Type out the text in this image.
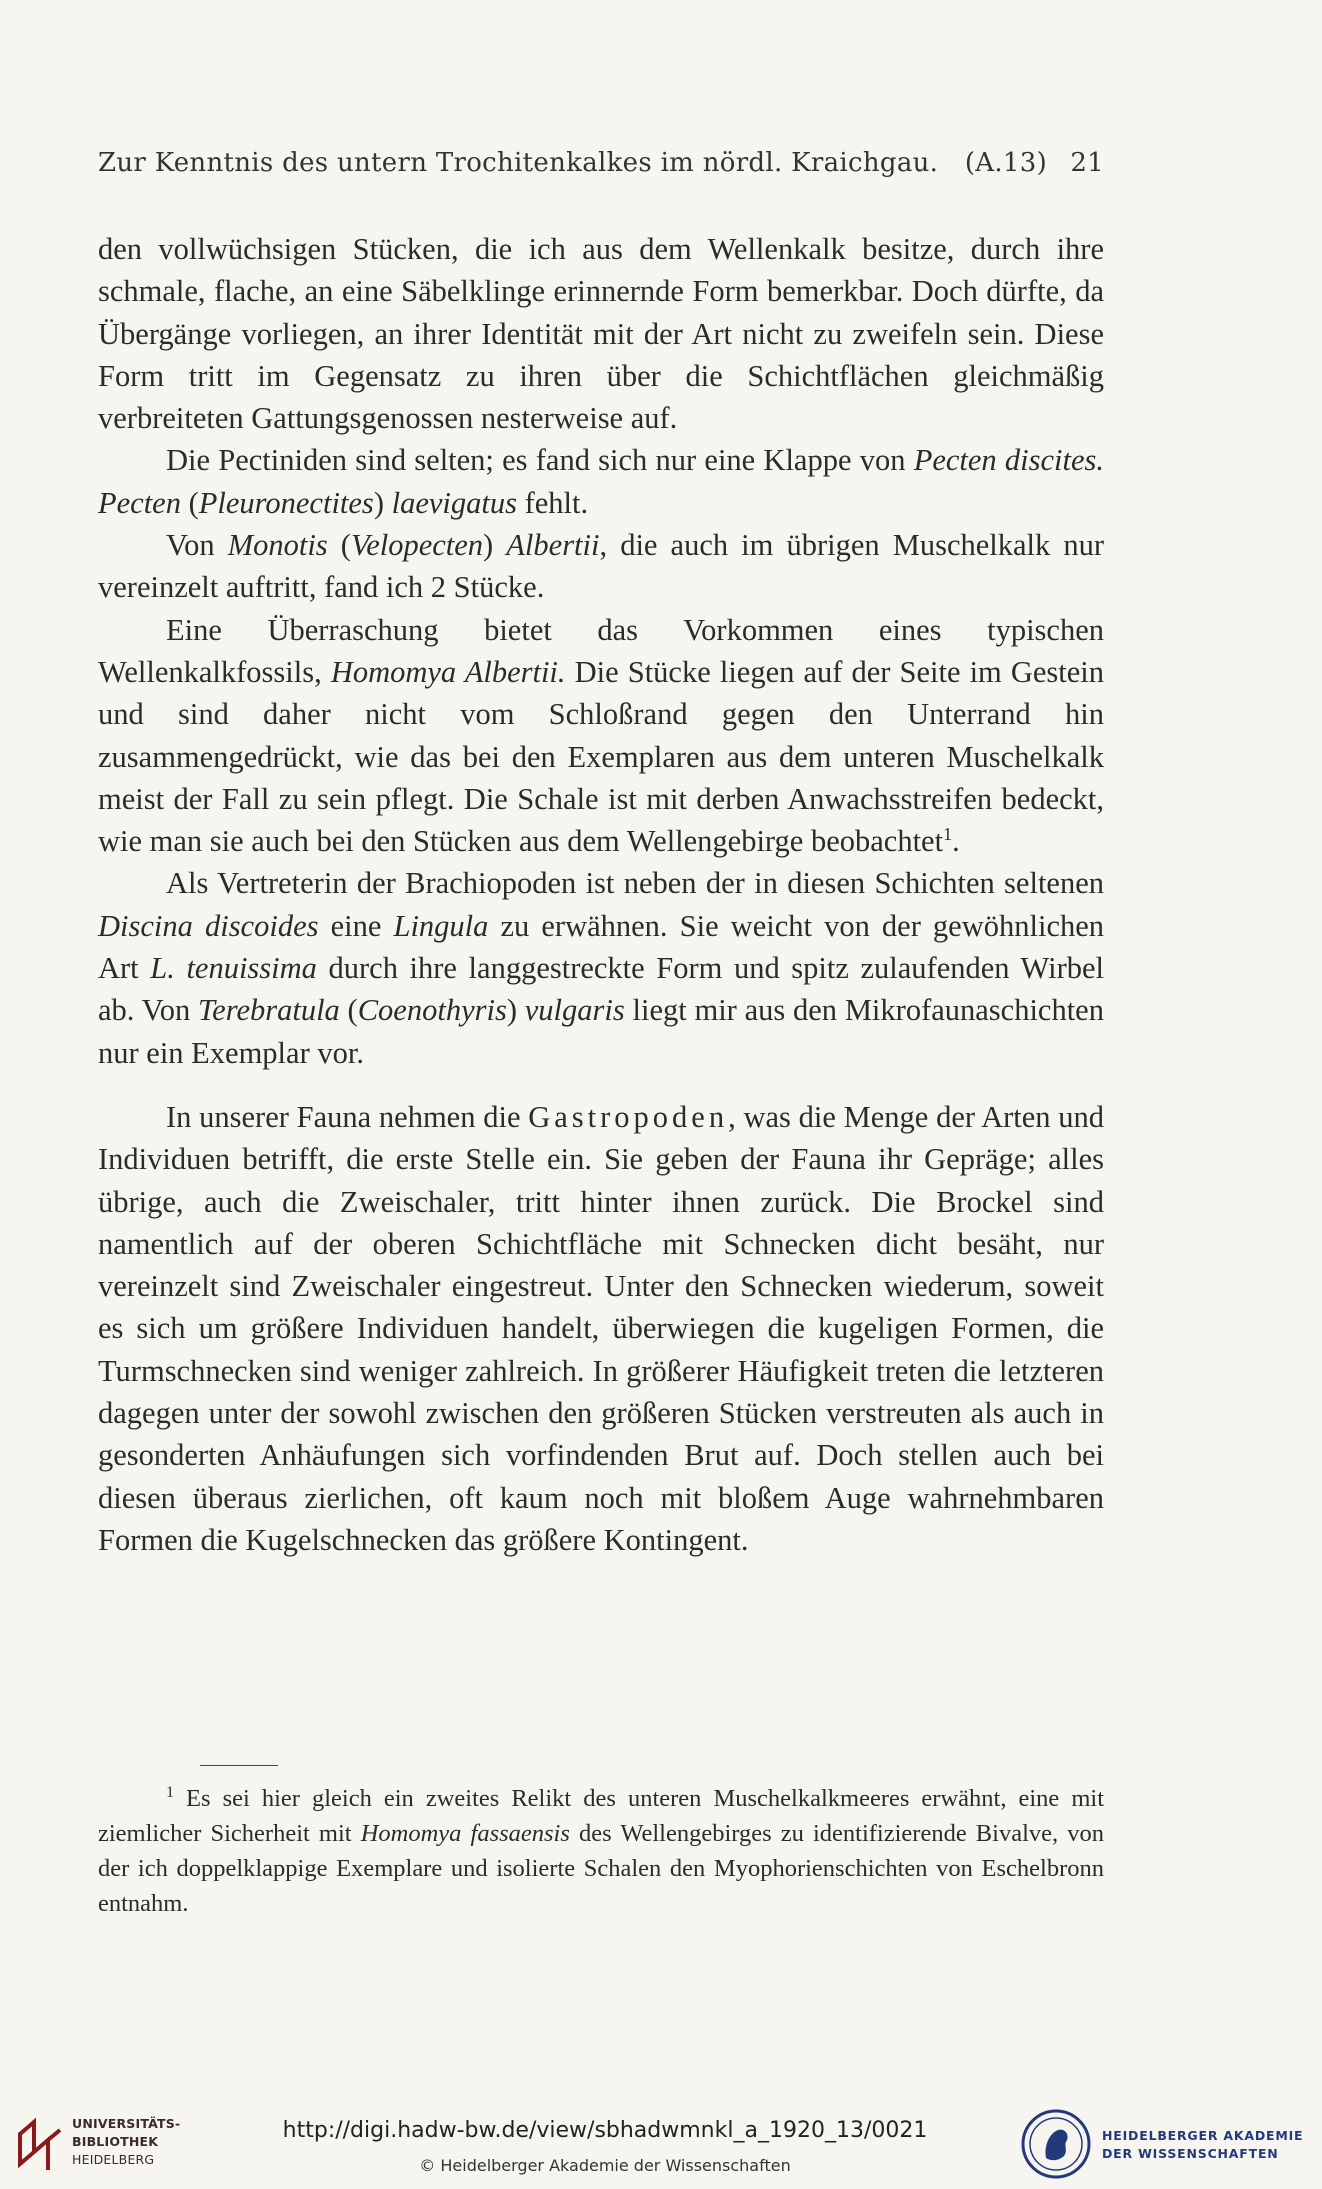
Zur Kenntnis des untern Trochitenkalkes im nördl. Kraichgau. (A.13) 21

den vollwüchsigen Stücken, die ich aus dem Wellenkalk besitze, durch ihre schmale, flache, an eine Säbelklinge erinnernde Form bemerkbar. Doch dürfte, da Übergänge vorliegen, an ihrer Identität mit der Art nicht zu zweifeln sein. Diese Form tritt im Gegensatz zu ihren über die Schichtflächen gleichmäßig verbreiteten Gattungsgenossen nesterweise auf.

Die Pectiniden sind selten; es fand sich nur eine Klappe von Pecten discites. Pecten (Pleuronectites) laevigatus fehlt.

Von Monotis (Velopecten) Albertii, die auch im übrigen Muschelkalk nur vereinzelt auftritt, fand ich 2 Stücke.

Eine Überraschung bietet das Vorkommen eines typischen Wellenkalkfossils, Homomya Albertii. Die Stücke liegen auf der Seite im Gestein und sind daher nicht vom Schloßrand gegen den Unterrand hin zusammengedrückt, wie das bei den Exemplaren aus dem unteren Muschelkalk meist der Fall zu sein pflegt. Die Schale ist mit derben Anwachsstreifen bedeckt, wie man sie auch bei den Stücken aus dem Wellengebirge beobachtet$^1$.

Als Vertreterin der Brachiopoden ist neben der in diesen Schichten seltenen Discina discoides eine Lingula zu erwähnen. Sie weicht von der gewöhnlichen Art L. tenuissima durch ihre langgestreckte Form und spitz zulaufenden Wirbel ab. Von Terebratula (Coenothyris) vulgaris liegt mir aus den Mikrofaunaschichten nur ein Exemplar vor.

In unserer Fauna nehmen die Gastropoden, was die Menge der Arten und Individuen betrifft, die erste Stelle ein. Sie geben der Fauna ihr Gepräge; alles übrige, auch die Zweischaler, tritt hinter ihnen zurück. Die Brockel sind namentlich auf der oberen Schichtfläche mit Schnecken dicht besäht, nur vereinzelt sind Zweischaler eingestreut. Unter den Schnecken wiederum, soweit es sich um größere Individuen handelt, überwiegen die kugeligen Formen, die Turmschnecken sind weniger zahlreich. In größerer Häufigkeit treten die letzteren dagegen unter der sowohl zwischen den größeren Stücken verstreuten als auch in gesonderten Anhäufungen sich vorfindenden Brut auf. Doch stellen auch bei diesen überaus zierlichen, oft kaum noch mit bloßem Auge wahrnehmbaren Formen die Kugelschnecken das größere Kontingent.

$^1$ Es sei hier gleich ein zweites Relikt des unteren Muschelkalkmeeres erwähnt, eine mit ziemlicher Sicherheit mit Homomya fassaensis des Wellengebirges zu identifizierende Bivalve, von der ich doppelklappige Exemplare und isolierte Schalen den Myophorienschichten von Eschelbronn entnahm.
UNIVERSITÄTS-
BIBLIOTHEK
HEIDELBERG
http://digi.hadw-bw.de/view/sbhadwmnkl_a_1920_13/0021
© Heidelberger Akademie der Wissenschaften
HEIDELBERGER AKADEMIE
DER WISSENSCHAFTEN
